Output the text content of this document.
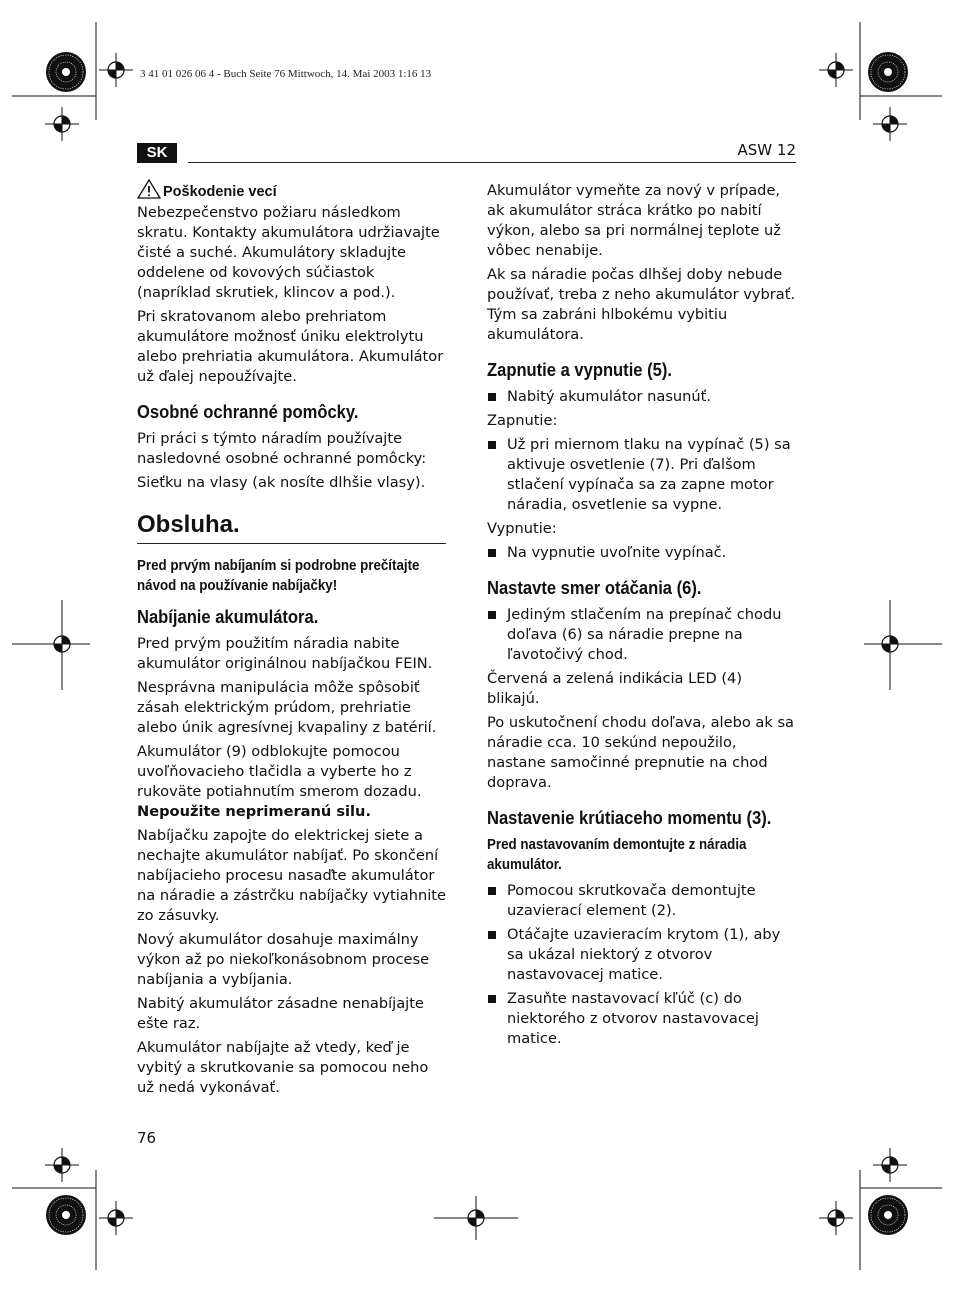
3 41 01 026 06 4 - Buch Seite 76 Mittwoch, 14. Mai 2003 1:16 13
SK	ASW 12
Poškodenie vecí

Nebezpečenstvo požiaru následkom skratu. Kontakty akumulátora udržiavajte čisté a suché. Akumulátory skladujte oddelene od kovových súčiastok (napríklad skrutiek, klincov a pod.).

Pri skratovanom alebo prehriatom akumulátore možnosť úniku elektrolytu alebo prehriatia akumulátora. Akumulátor už ďalej nepoužívajte.

Osobné ochranné pomôcky.

Pri práci s týmto náradím používajte nasledovné osobné ochranné pomôcky:

Sieťku na vlasy (ak nosíte dlhšie vlasy).

Obsluha.
Pred prvým nabíjaním si podrobne prečítajte návod na používanie nabíjačky!
Nabíjanie akumulátora.

Pred prvým použitím náradia nabite akumulátor originálnou nabíjačkou FEIN.

Nesprávna manipulácia môže spôsobiť zásah elektrickým prúdom, prehriatie alebo únik agresívnej kvapaliny z batérií.

Akumulátor (9) odblokujte pomocou uvoľňovacieho tlačidla a vyberte ho z rukoväte potiahnutím smerom dozadu.

Nepoužite neprimeranú silu.

Nabíjačku zapojte do elektrickej siete a nechajte akumulátor nabíjať. Po skončení nabíjacieho procesu nasaďte akumulátor na náradie a zástrčku nabíjačky vytiahnite zo zásuvky.

Nový akumulátor dosahuje maximálny výkon až po niekoľkonásobnom procese nabíjania a vybíjania.

Nabitý akumulátor zásadne nenabíjajte ešte raz.

Akumulátor nabíjajte až vtedy, keď je vybitý a skrutkovanie sa pomocou neho už nedá vykonávať.

Akumulátor vymeňte za nový v prípade, ak akumulátor stráca krátko po nabití výkon, alebo sa pri normálnej teplote už vôbec nenabije.

Ak sa náradie počas dlhšej doby nebude používať, treba z neho akumulátor vybrať. Tým sa zabráni hlbokému vybitiu akumulátora.

Zapnutie a vypnutie (5).

Nabitý akumulátor nasunúť.

Zapnutie:

Už pri miernom tlaku na vypínač (5) sa aktivuje osvetlenie (7). Pri ďalšom stlačení vypínača sa za zapne motor náradia, osvetlenie sa vypne.

Vypnutie:

Na vypnutie uvoľnite vypínač.

Nastavte smer otáčania (6).

Jediným stlačením na prepínač chodu doľava (6) sa náradie prepne na ľavotočivý chod.

Červená a zelená indikácia LED (4) blikajú.

Po uskutočnení chodu doľava, alebo ak sa náradie cca. 10 sekúnd nepoužilo, nastane samočinné prepnutie na chod doprava.

Nastavenie krútiaceho momentu (3).
Pred nastavovaním demontujte z náradia akumulátor.

Pomocou skrutkovača demontujte uzavierací element (2).

Otáčajte uzavieracím krytom (1), aby sa ukázal niektorý z otvorov nastavovacej matice.

Zasuňte nastavovací kľúč (c) do niektorého z otvorov nastavovacej matice.

76
